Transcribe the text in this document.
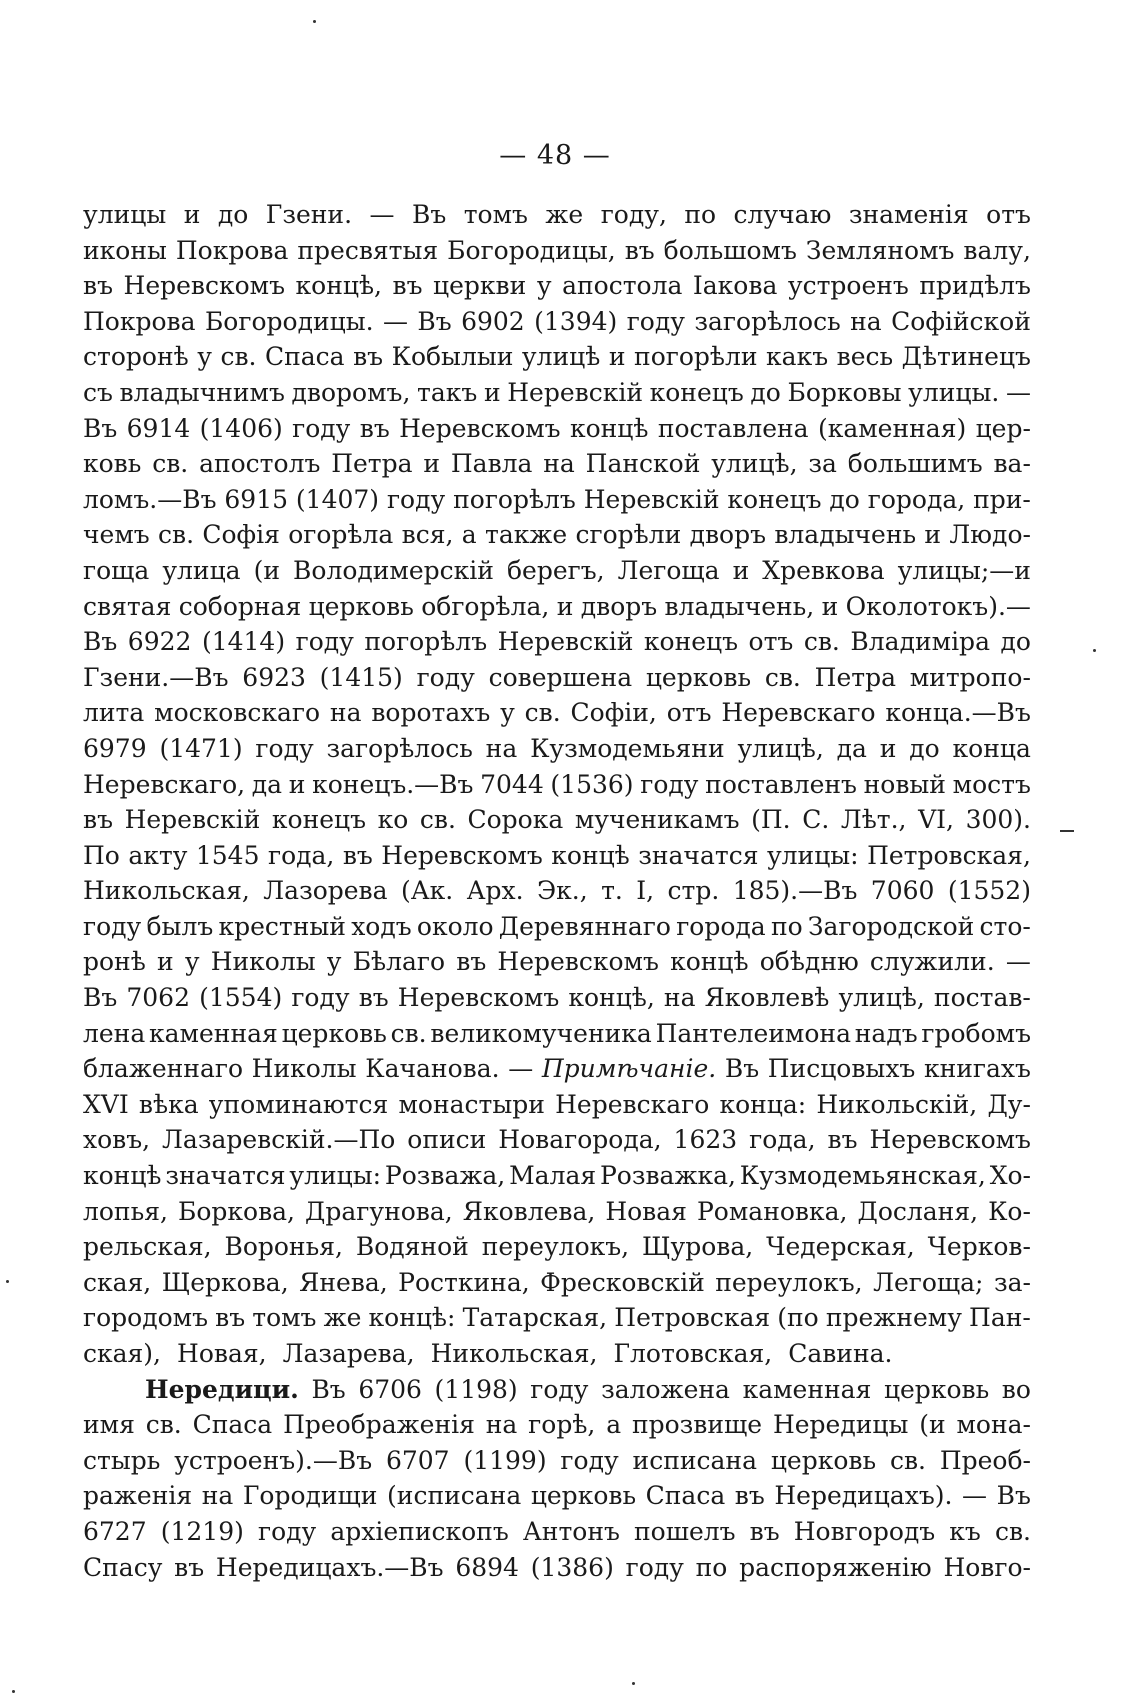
— 48 —
улицы и до Гзени. — Въ томъ же году, по случаю знаменія отъ
иконы Покрова пресвятыя Богородицы, въ большомъ Земляномъ валу,
въ Неревскомъ концѣ, въ церкви у апостола Іакова устроенъ придѣлъ
Покрова Богородицы. — Въ 6902 (1394) году загорѣлось на Софійской
сторонѣ у св. Спаса въ Кобылыи улицѣ и погорѣли какъ весь Дѣтинецъ
съ владычнимъ дворомъ, такъ и Неревскій конецъ до Борковы улицы. —
Въ 6914 (1406) году въ Неревскомъ концѣ поставлена (каменная) цер-
ковь св. апостолъ Петра и Павла на Панской улицѣ, за большимъ ва-
ломъ.—Въ 6915 (1407) году погорѣлъ Неревскій конецъ до города, при-
чемъ св. Софія огорѣла вся, а также сгорѣли дворъ владычень и Людо-
гоща улица (и Володимерскій берегъ, Легоща и Хревкова улицы;—и
святая соборная церковь обгорѣла, и дворъ владычень, и Околотокъ).—
Въ 6922 (1414) году погорѣлъ Неревскій конецъ отъ св. Владиміра до
Гзени.—Въ 6923 (1415) году совершена церковь св. Петра митропо-
лита московскаго на воротахъ у св. Софіи, отъ Неревскаго конца.—Въ
6979 (1471) году загорѣлось на Кузмодемьяни улицѣ, да и до конца
Неревскаго, да и конецъ.—Въ 7044 (1536) году поставленъ новый мостъ
въ Неревскій конецъ ко св. Сорока мученикамъ (П. С. Лѣт., VI, 300).
По акту 1545 года, въ Неревскомъ концѣ значатся улицы: Петровская,
Никольская, Лазорева (Ак. Арх. Эк., т. I, стр. 185).—Въ 7060 (1552)
году былъ крестный ходъ около Деревяннаго города по Загородской сто-
ронѣ и у Николы у Бѣлаго въ Неревскомъ концѣ обѣдню служили. —
Въ 7062 (1554) году въ Неревскомъ концѣ, на Яковлевѣ улицѣ, постав-
лена каменная церковь св. великомученика Пантелеимона надъ гробомъ
блаженнаго Николы Качанова. — Примѣчаніе. Въ Писцовыхъ книгахъ
XVI вѣка упоминаются монастыри Неревскаго конца: Никольскій, Ду-
ховъ, Лазаревскій.—По описи Новагорода, 1623 года, въ Неревскомъ
концѣ значатся улицы: Розважа, Малая Розважка, Кузмодемьянская, Хо-
лопья, Боркова, Драгунова, Яковлева, Новая Романовка, Досланя, Ко-
рельская, Воронья, Водяной переулокъ, Щурова, Чедерская, Черков-
ская, Щеркова, Янева, Росткина, Фресковскій переулокъ, Легоща; за-
городомъ въ томъ же концѣ: Татарская, Петровская (по прежнему Пан-
ская), Новая, Лазарева, Никольская, Глотовская, Савина.
Нередици. Въ 6706 (1198) году заложена каменная церковь во
имя св. Спаса Преображенія на горѣ, а прозвище Нередицы (и мона-
стырь устроенъ).—Въ 6707 (1199) году исписана церковь св. Преоб-
раженія на Городищи (исписана церковь Спаса въ Нередицахъ). — Въ
6727 (1219) году архіепископъ Антонъ пошелъ въ Новгородъ къ св.
Спасу въ Нередицахъ.—Въ 6894 (1386) году по распоряженію Новго-
